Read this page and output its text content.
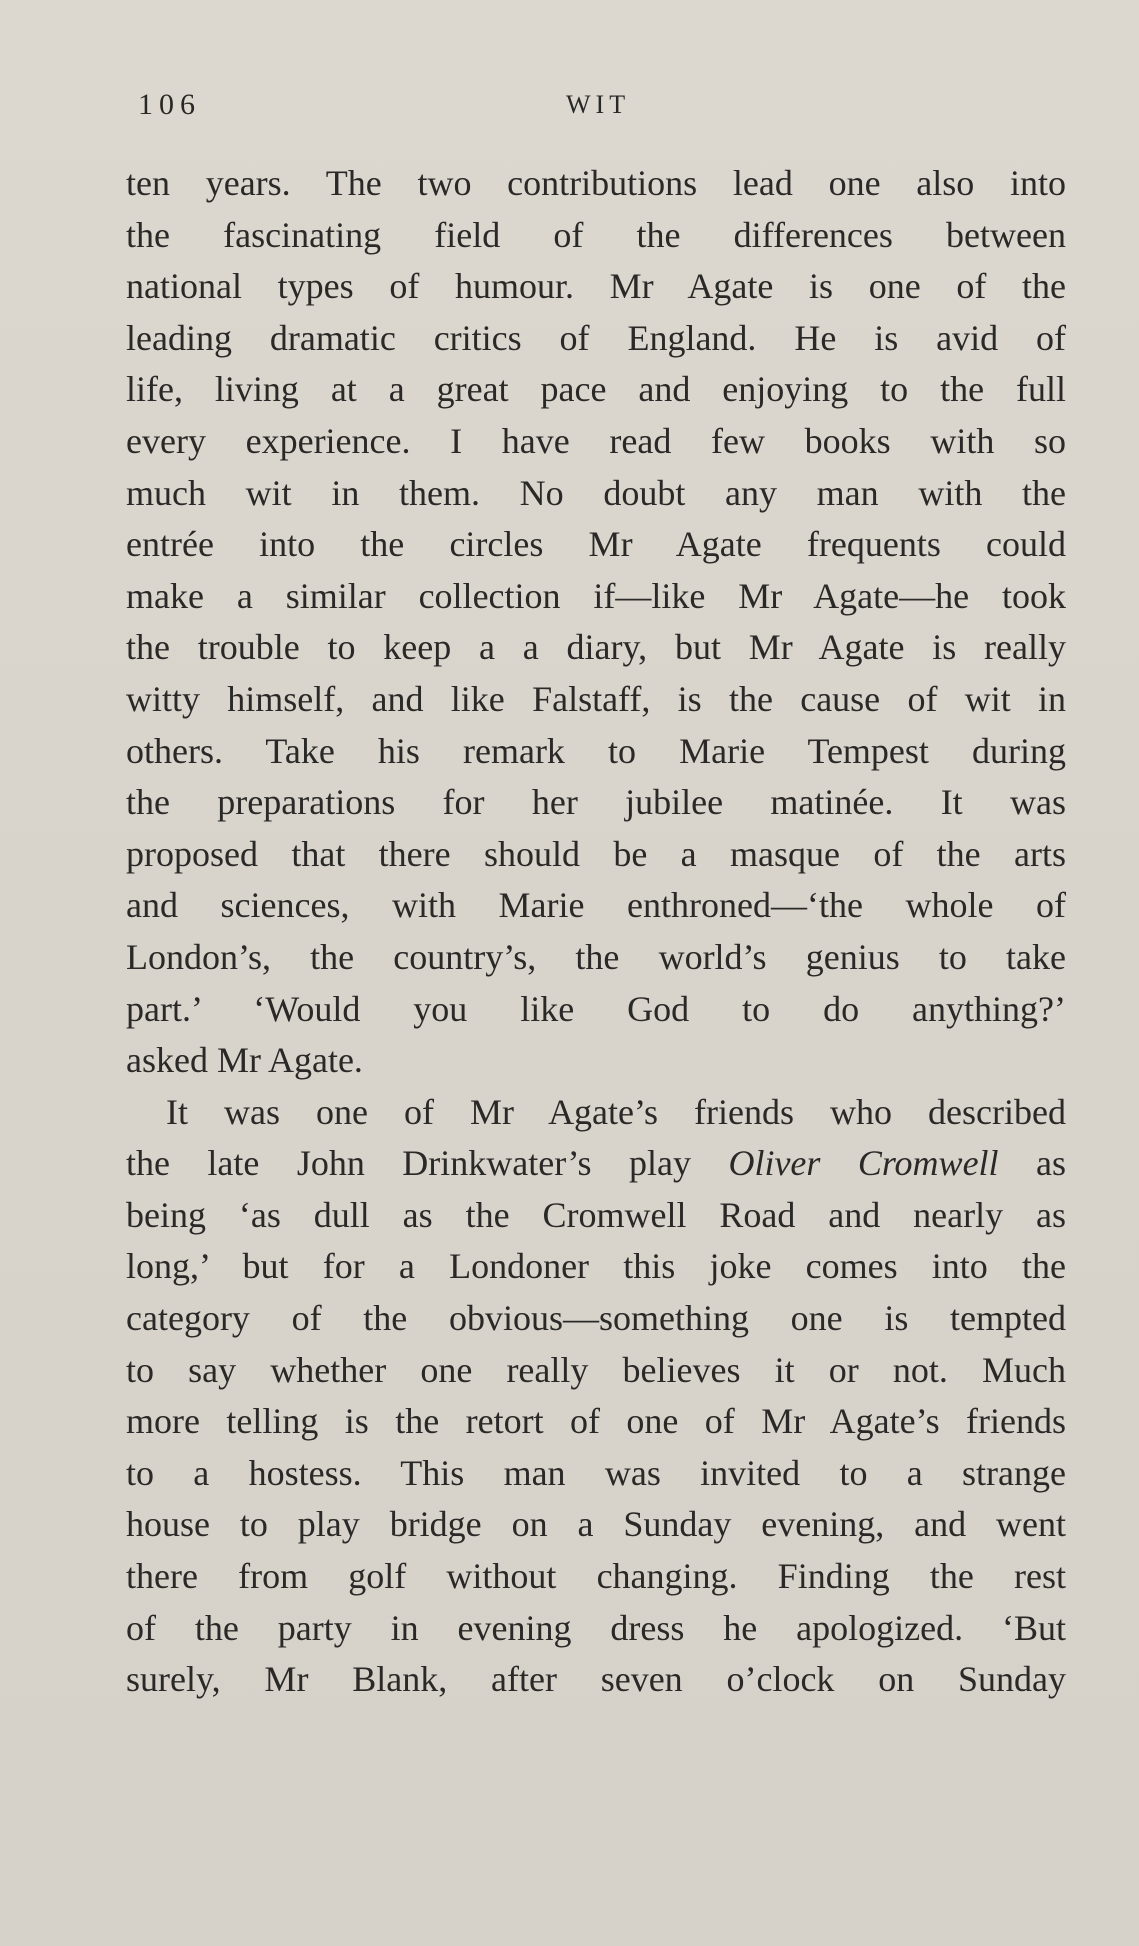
106	WIT
ten years. The two contributions lead one also into
the fascinating field of the differences between
national types of humour. Mr Agate is one of the
leading dramatic critics of England. He is avid of
life, living at a great pace and enjoying to the full
every experience. I have read few books with so
much wit in them. No doubt any man with the
entrée into the circles Mr Agate frequents could
make a similar collection if—like Mr Agate—he took
the trouble to keep a a diary, but Mr Agate is really
witty himself, and like Falstaff, is the cause of wit in
others. Take his remark to Marie Tempest during
the preparations for her jubilee matinée. It was
proposed that there should be a masque of the arts
and sciences, with Marie enthroned—‘the whole of
London’s, the country’s, the world’s genius to take
part.’ ‘Would you like God to do anything?’
asked Mr Agate.
It was one of Mr Agate’s friends who described
the late John Drinkwater’s play Oliver Cromwell as
being ‘as dull as the Cromwell Road and nearly as
long,’ but for a Londoner this joke comes into the
category of the obvious—something one is tempted
to say whether one really believes it or not. Much
more telling is the retort of one of Mr Agate’s friends
to a hostess. This man was invited to a strange
house to play bridge on a Sunday evening, and went
there from golf without changing. Finding the rest
of the party in evening dress he apologized. ‘But
surely, Mr Blank, after seven o’clock on Sunday
